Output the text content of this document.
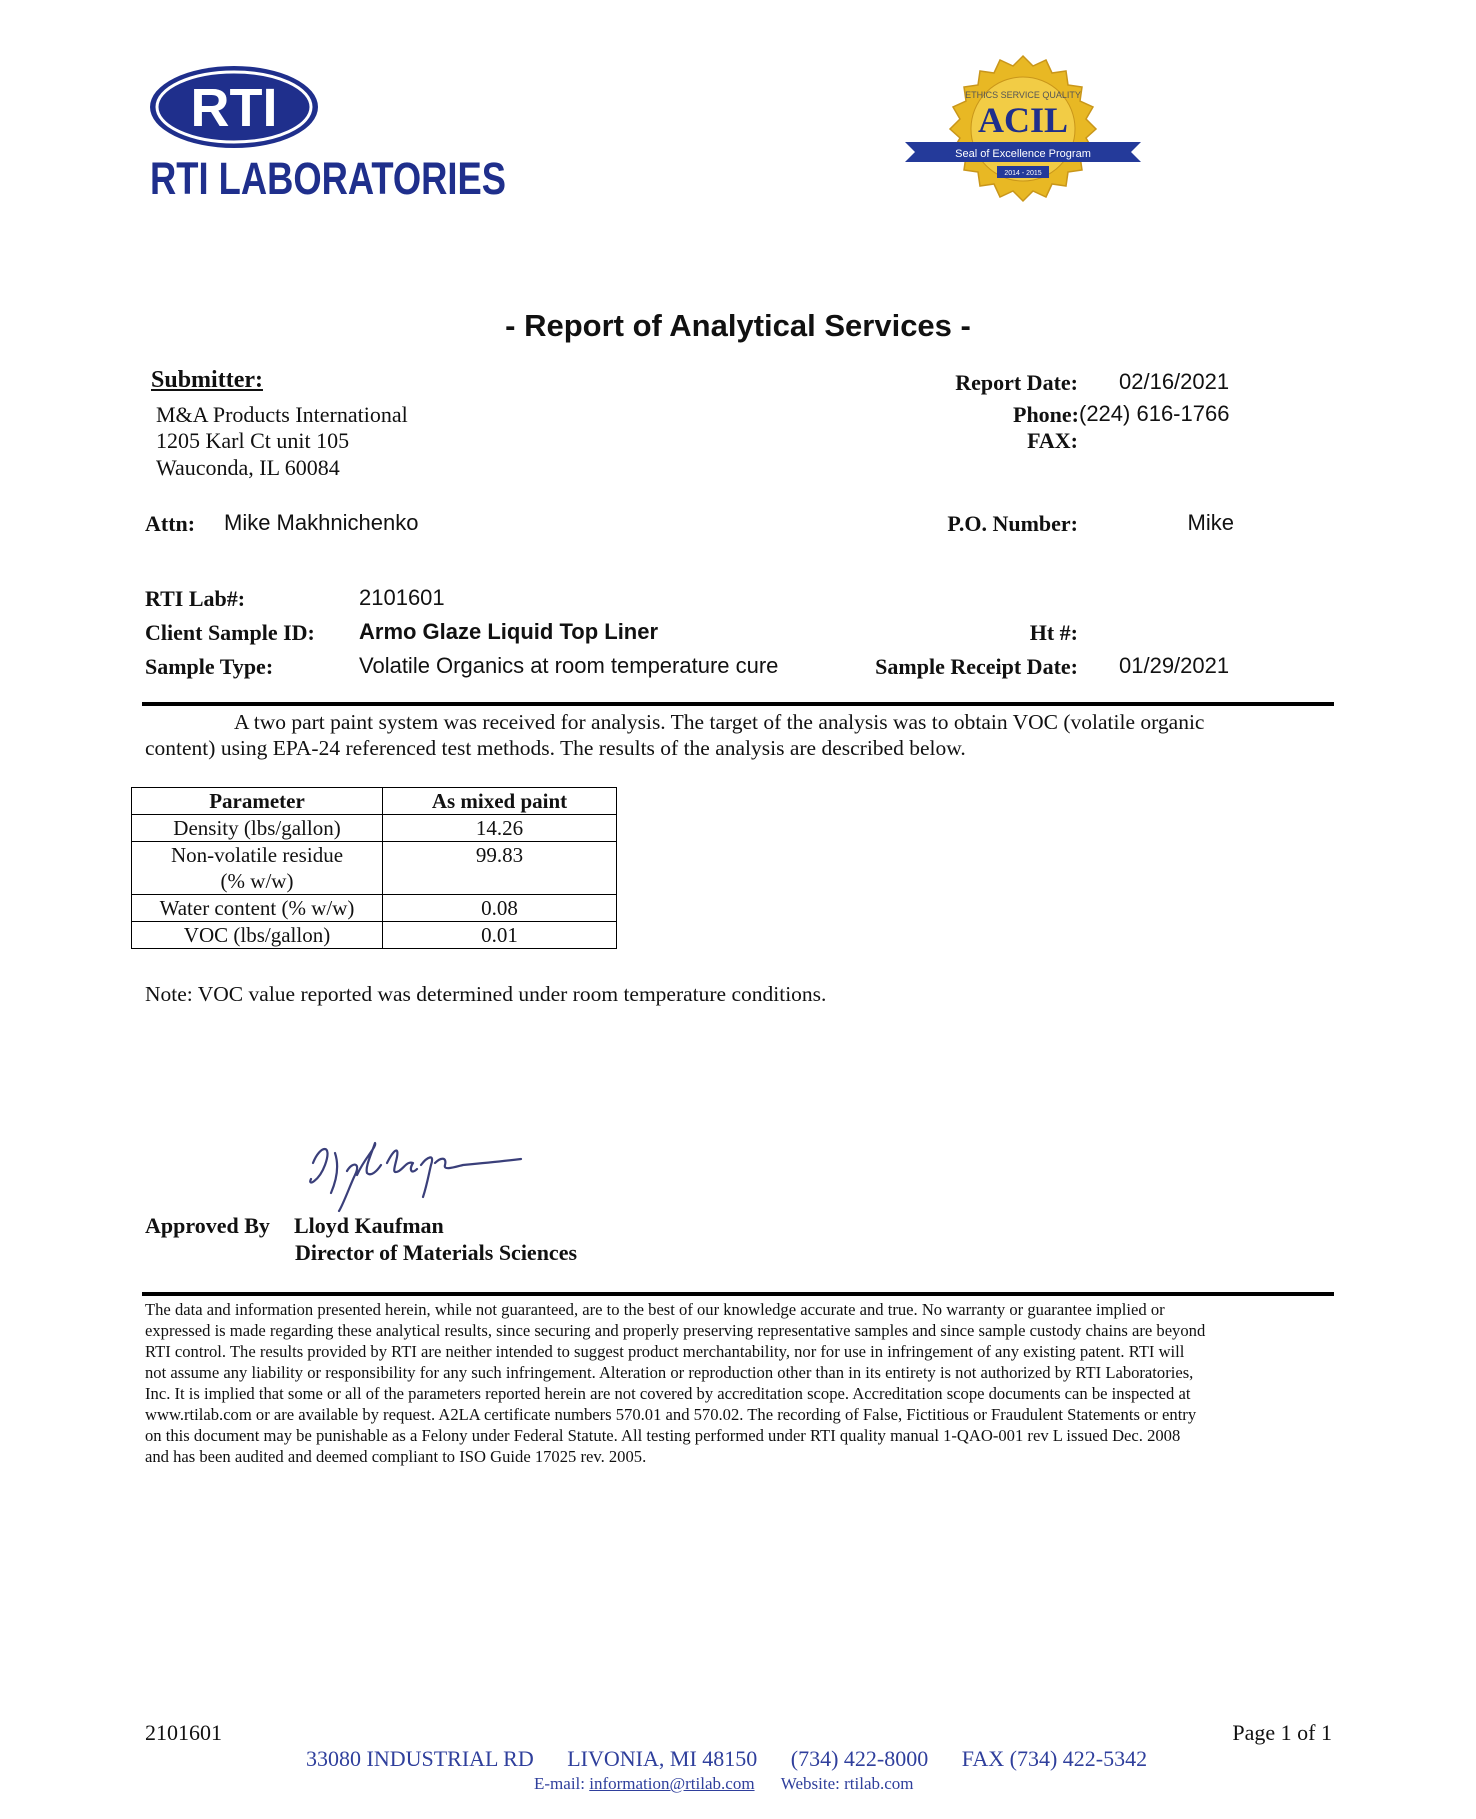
RTI
RTI LABORATORIES
ETHICS SERVICE QUALITY
ACIL
Seal of Excellence Program
2014 - 2015
- Report of Analytical Services -
Submitter:
M&A Products International
1205 Karl Ct unit 105
Wauconda, IL 60084
Report Date: 02/16/2021
Phone: (224) 616-1766
FAX:
Attn: Mike Makhnichenko	P.O. Number:	Mike
RTI Lab#:	2101601
Client Sample ID: Armo Glaze Liquid Top Liner
Sample Type:	Volatile Organics at room temperature cure
Ht #:
Sample Receipt Date: 01/29/2021
A two part paint system was received for analysis. The target of the analysis was to obtain VOC (volatile organic
content) using EPA-24 referenced test methods. The results of the analysis are described below.
Parameter	As mixed paint
Density (lbs/gallon)	14.26

Non-volatile residue
(% w/w)	99.83
Water content (% w/w)	0.08
VOC (lbs/gallon)	0.01
Note: VOC value reported was determined under room temperature conditions.
Approved By Lloyd Kaufman
Director of Materials Sciences
The data and information presented herein, while not guaranteed, are to the best of our knowledge accurate and true. No warranty or guarantee implied or
expressed is made regarding these analytical results, since securing and properly preserving representative samples and since sample custody chains are beyond
RTI control. The results provided by RTI are neither intended to suggest product merchantability, nor for use in infringement of any existing patent. RTI will
not assume any liability or responsibility for any such infringement. Alteration or reproduction other than in its entirety is not authorized by RTI Laboratories,
Inc. It is implied that some or all of the parameters reported herein are not covered by accreditation scope. Accreditation scope documents can be inspected at
www.rtilab.com or are available by request. A2LA certificate numbers 570.01 and 570.02. The recording of False, Fictitious or Fraudulent Statements or entry
on this document may be punishable as a Felony under Federal Statute. All testing performed under RTI quality manual 1-QAO-001 rev L issued Dec. 2008
and has been audited and deemed compliant to ISO Guide 17025 rev. 2005.
2101601	Page 1 of 1
33080 INDUSTRIAL RD LIVONIA, MI 48150 (734) 422-8000 FAX (734) 422-5342
E-mail: information@rtilab.com Website: rtilab.com
